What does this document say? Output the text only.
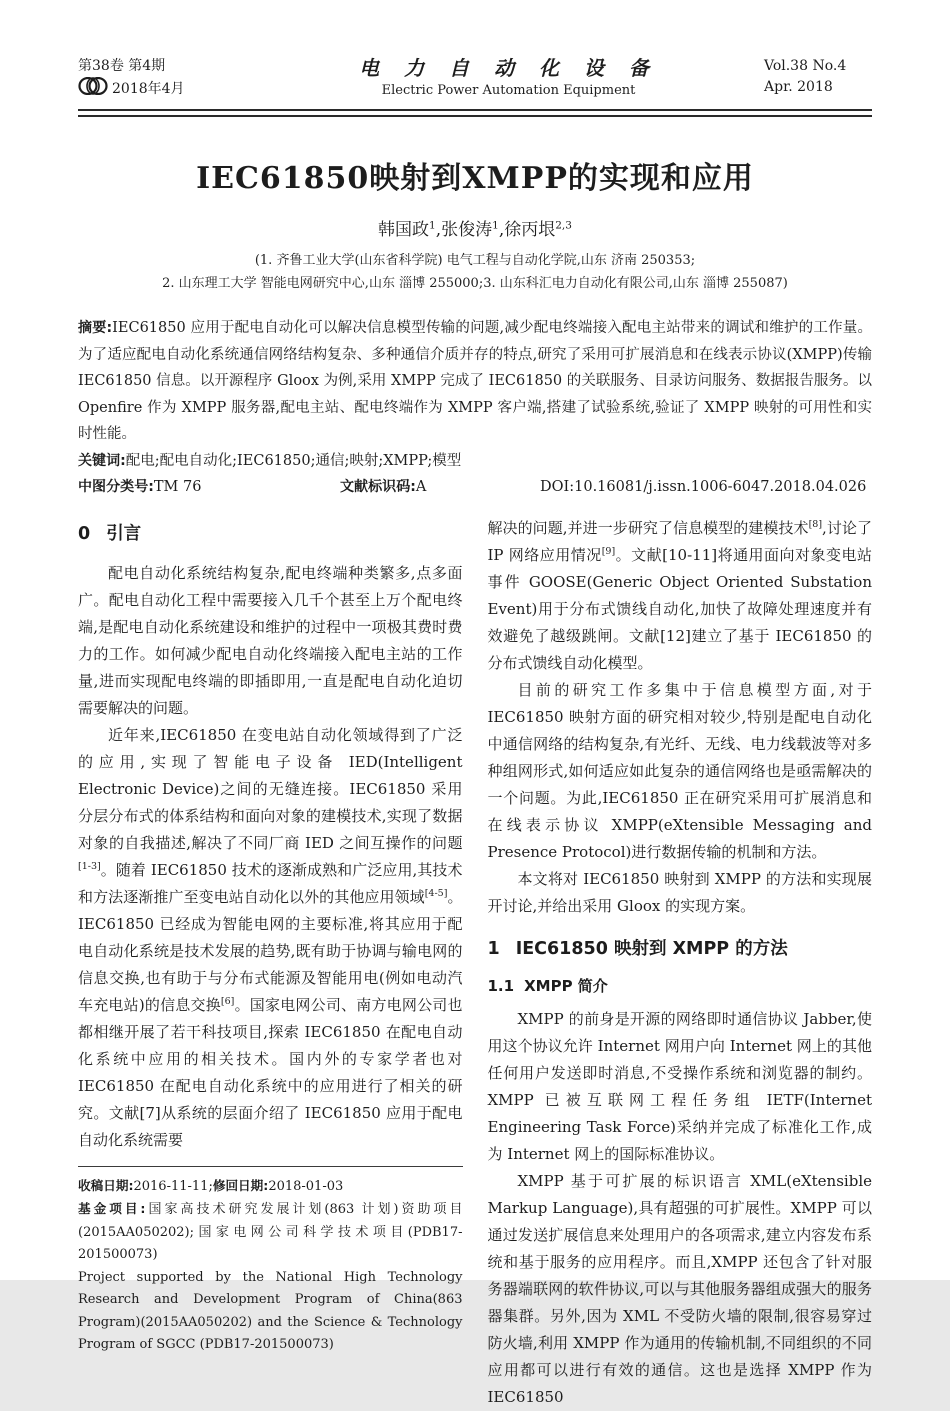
第38卷 第4期
2018年4月
电 力 自 动 化 设 备
Electric Power Automation Equipment
Vol.38 No.4
Apr. 2018
IEC61850映射到XMPP的实现和应用
韩国政$^1$,张俊涛$^1$,徐丙垠$^{2,3}$
(1. 齐鲁工业大学(山东省科学院) 电气工程与自动化学院,山东 济南 250353;
2. 山东理工大学 智能电网研究中心,山东 淄博 255000;3. 山东科汇电力自动化有限公司,山东 淄博 255087)
摘要:IEC61850 应用于配电自动化可以解决信息模型传输的问题,减少配电终端接入配电主站带来的调试和维护的工作量。为了适应配电自动化系统通信网络结构复杂、多种通信介质并存的特点,研究了采用可扩展消息和在线表示协议(XMPP)传输 IEC61850 信息。以开源程序 Gloox 为例,采用 XMPP 完成了 IEC61850 的关联服务、目录访问服务、数据报告服务。以 Openfire 作为 XMPP 服务器,配电主站、配电终端作为 XMPP 客户端,搭建了试验系统,验证了 XMPP 映射的可用性和实时性能。
关键词:配电;配电自动化;IEC61850;通信;映射;XMPP;模型
中图分类号:TM 76	文献标识码:A	DOI:10.16081/j.issn.1006-6047.2018.04.026
0 引言

配电自动化系统结构复杂,配电终端种类繁多,点多面广。配电自动化工程中需要接入几千个甚至上万个配电终端,是配电自动化系统建设和维护的过程中一项极其费时费力的工作。如何减少配电自动化终端接入配电主站的工作量,进而实现配电终端的即插即用,一直是配电自动化迫切需要解决的问题。

近年来,IEC61850 在变电站自动化领域得到了广泛的应用,实现了智能电子设备 IED(Intelligent Electronic Device)之间的无缝连接。IEC61850 采用分层分布式的体系结构和面向对象的建模技术,实现了数据对象的自我描述,解决了不同厂商 IED 之间互操作的问题[1-3]。随着 IEC61850 技术的逐渐成熟和广泛应用,其技术和方法逐渐推广至变电站自动化以外的其他应用领域[4-5]。IEC61850 已经成为智能电网的主要标准,将其应用于配电自动化系统是技术发展的趋势,既有助于协调与输电网的信息交换,也有助于与分布式能源及智能用电(例如电动汽车充电站)的信息交换[6]。国家电网公司、南方电网公司也都相继开展了若干科技项目,探索 IEC61850 在配电自动化系统中应用的相关技术。国内外的专家学者也对 IEC61850 在配电自动化系统中的应用进行了相关的研究。文献[7]从系统的层面介绍了 IEC61850 应用于配电自动化系统需要

收稿日期:2016-11-11;修回日期:2018-01-03

基金项目:国家高技术研究发展计划(863 计划)资助项目(2015AA050202);国家电网公司科学技术项目(PDB17-201500073)

Project supported by the National High Technology Research and Development Program of China(863 Program)(2015AA050202) and the Science & Technology Program of SGCC (PDB17-201500073)

解决的问题,并进一步研究了信息模型的建模技术[8],讨论了 IP 网络应用情况[9]。文献[10-11]将通用面向对象变电站事件 GOOSE(Generic Object Oriented Substation Event)用于分布式馈线自动化,加快了故障处理速度并有效避免了越级跳闸。文献[12]建立了基于 IEC61850 的分布式馈线自动化模型。

目前的研究工作多集中于信息模型方面,对于 IEC61850 映射方面的研究相对较少,特别是配电自动化中通信网络的结构复杂,有光纤、无线、电力线载波等对多种组网形式,如何适应如此复杂的通信网络也是亟需解决的一个问题。为此,IEC61850 正在研究采用可扩展消息和在线表示协议 XMPP(eXtensible Messaging and Presence Protocol)进行数据传输的机制和方法。

本文将对 IEC61850 映射到 XMPP 的方法和实现展开讨论,并给出采用 Gloox 的实现方案。

1 IEC61850 映射到 XMPP 的方法
1.1 XMPP 简介

XMPP 的前身是开源的网络即时通信协议 Jabber,使用这个协议允许 Internet 网用户向 Internet 网上的其他任何用户发送即时消息,不受操作系统和浏览器的制约。XMPP 已被互联网工程任务组 IETF(Internet Engineering Task Force)采纳并完成了标准化工作,成为 Internet 网上的国际标准协议。

XMPP 基于可扩展的标识语言 XML(eXtensible Markup Language),具有超强的可扩展性。XMPP 可以通过发送扩展信息来处理用户的各项需求,建立内容发布系统和基于服务的应用程序。而且,XMPP 还包含了针对服务器端联网的软件协议,可以与其他服务器组成强大的服务器集群。另外,因为 XML 不受防火墙的限制,很容易穿过防火墙,利用 XMPP 作为通用的传输机制,不同组织的不同应用都可以进行有效的通信。这也是选择 XMPP 作为 IEC61850
